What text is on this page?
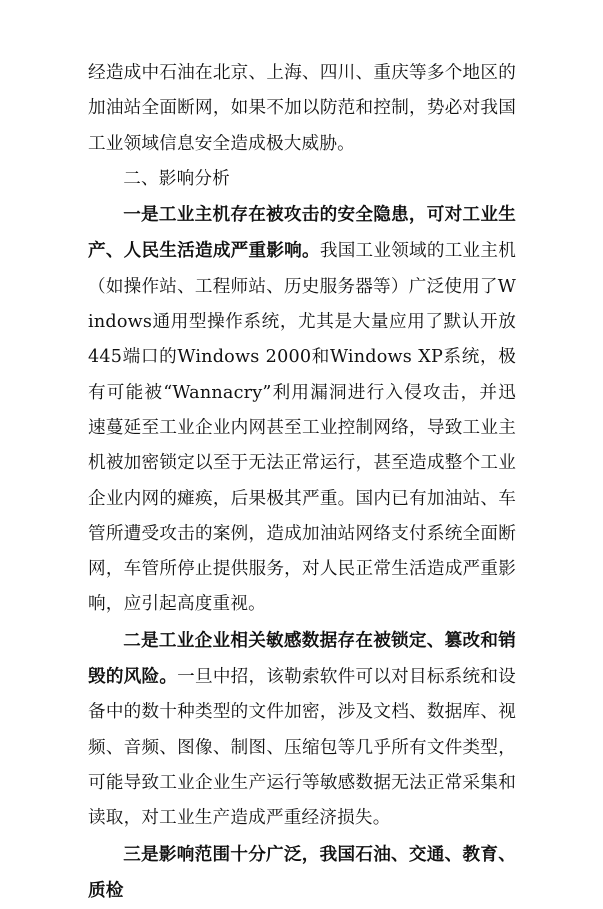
经造成中石油在北京、上海、四川、重庆等多个地区的加油站全面断网，如果不加以防范和控制，势必对我国工业领域信息安全造成极大威胁。

二、影响分析

一是工业主机存在被攻击的安全隐患，可对工业生产、人民生活造成严重影响。我国工业领域的工业主机（如操作站、工程师站、历史服务器等）广泛使用了Windows通用型操作系统，尤其是大量应用了默认开放445端口的Windows 2000和Windows XP系统，极有可能被“Wannacry”利用漏洞进行入侵攻击，并迅速蔓延至工业企业内网甚至工业控制网络，导致工业主机被加密锁定以至于无法正常运行，甚至造成整个工业企业内网的瘫痪，后果极其严重。国内已有加油站、车管所遭受攻击的案例，造成加油站网络支付系统全面断网，车管所停止提供服务，对人民正常生活造成严重影响，应引起高度重视。

二是工业企业相关敏感数据存在被锁定、篡改和销毁的风险。一旦中招，该勒索软件可以对目标系统和设备中的数十种类型的文件加密，涉及文档、数据库、视频、音频、图像、制图、压缩包等几乎所有文件类型，可能导致工业企业生产运行等敏感数据无法正常采集和读取，对工业生产造成严重经济损失。

三是影响范围十分广泛，我国石油、交通、教育、质检
